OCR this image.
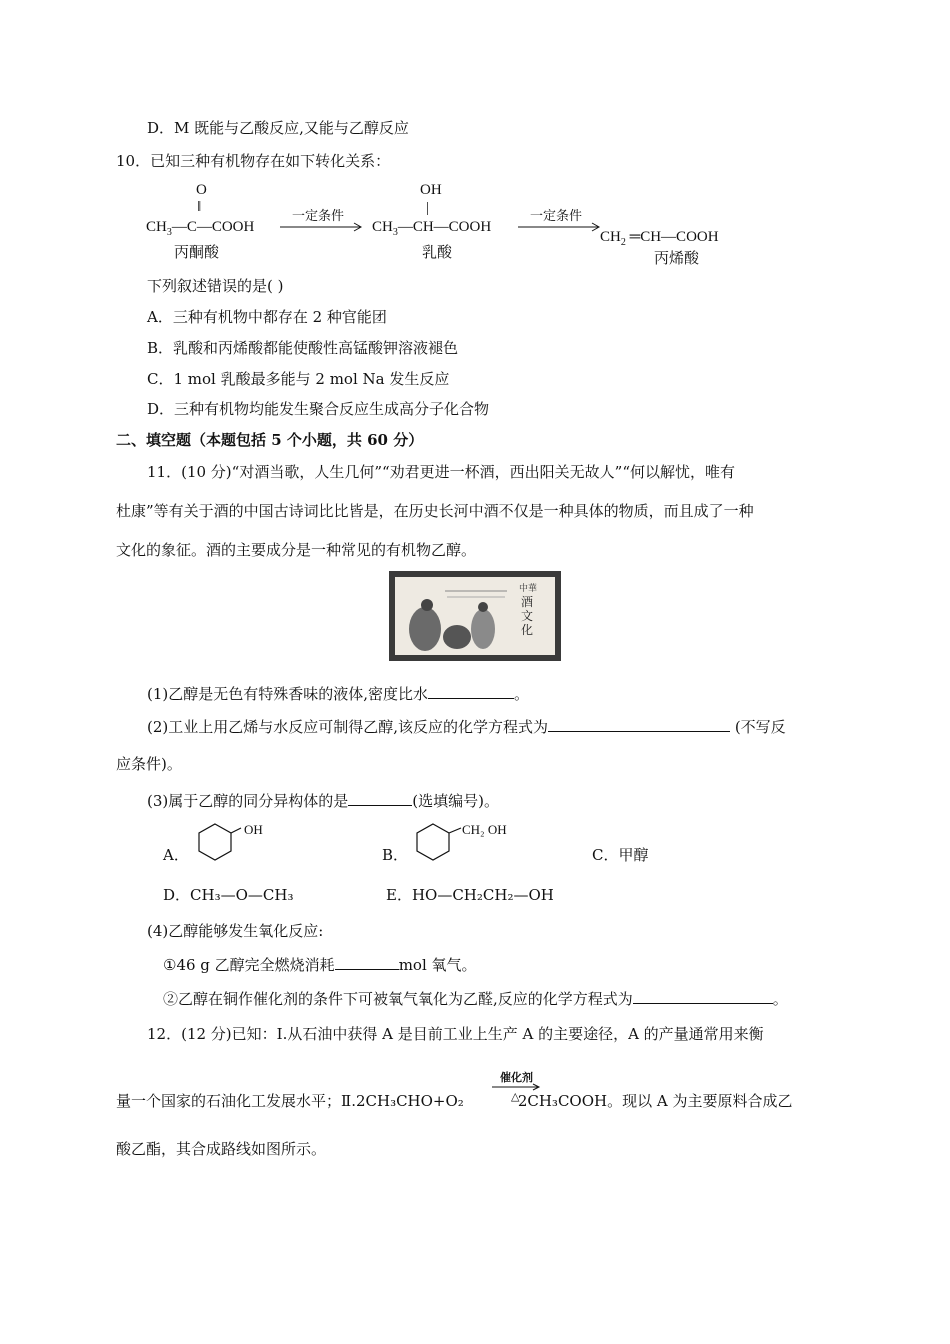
D．M 既能与乙酸反应,又能与乙醇反应
10．已知三种有机物存在如下转化关系：
O
‖
$CH_3—C—COOH$
丙酮酸
一定条件
OH
|
$CH_3—CH—COOH$
乳酸
一定条件
$CH_2$ ═CH—COOH
丙烯酸
下列叙述错误的是( )
A．三种有机物中都存在 2 种官能团
B．乳酸和丙烯酸都能使酸性高锰酸钾溶液褪色
C．1 mol 乳酸最多能与 2 mol Na 发生反应
D．三种有机物均能发生聚合反应生成高分子化合物
二、填空题（本题包括 5 个小题，共 60 分）
11．(10 分)“对酒当歌，人生几何”“劝君更进一杯酒，西出阳关无故人”“何以解忧，唯有
杜康”等有关于酒的中国古诗词比比皆是，在历史长河中酒不仅是一种具体的物质，而且成了一种
文化的象征。酒的主要成分是一种常见的有机物乙醇。
中華
酒文化
(1)乙醇是无色有特殊香味的液体,密度比水	。
(2)工业上用乙烯与水反应可制得乙醇,该反应的化学方程式为	(不写反
应条件)。
(3)属于乙醇的同分异构体的是	(选填编号)。
A．
OH
B．
CH₂ OH
C．甲醇
D．CH₃—O—CH₃	E．HO—CH₂CH₂—OH
(4)乙醇能够发生氧化反应:
①46 g 乙醇完全燃烧消耗	mol 氧气。
②乙醇在铜作催化剂的条件下可被氧气氧化为乙醛,反应的化学方程式为	。
12．(12 分)已知：Ⅰ.从石油中获得 A 是目前工业上生产 A 的主要途径，A 的产量通常用来衡
量一个国家的石油化工发展水平；Ⅱ.2CH₃CHO+O₂	2CH₃COOH。现以 A 为主要原料合成乙
催化剂
△
酸乙酯，其合成路线如图所示。
